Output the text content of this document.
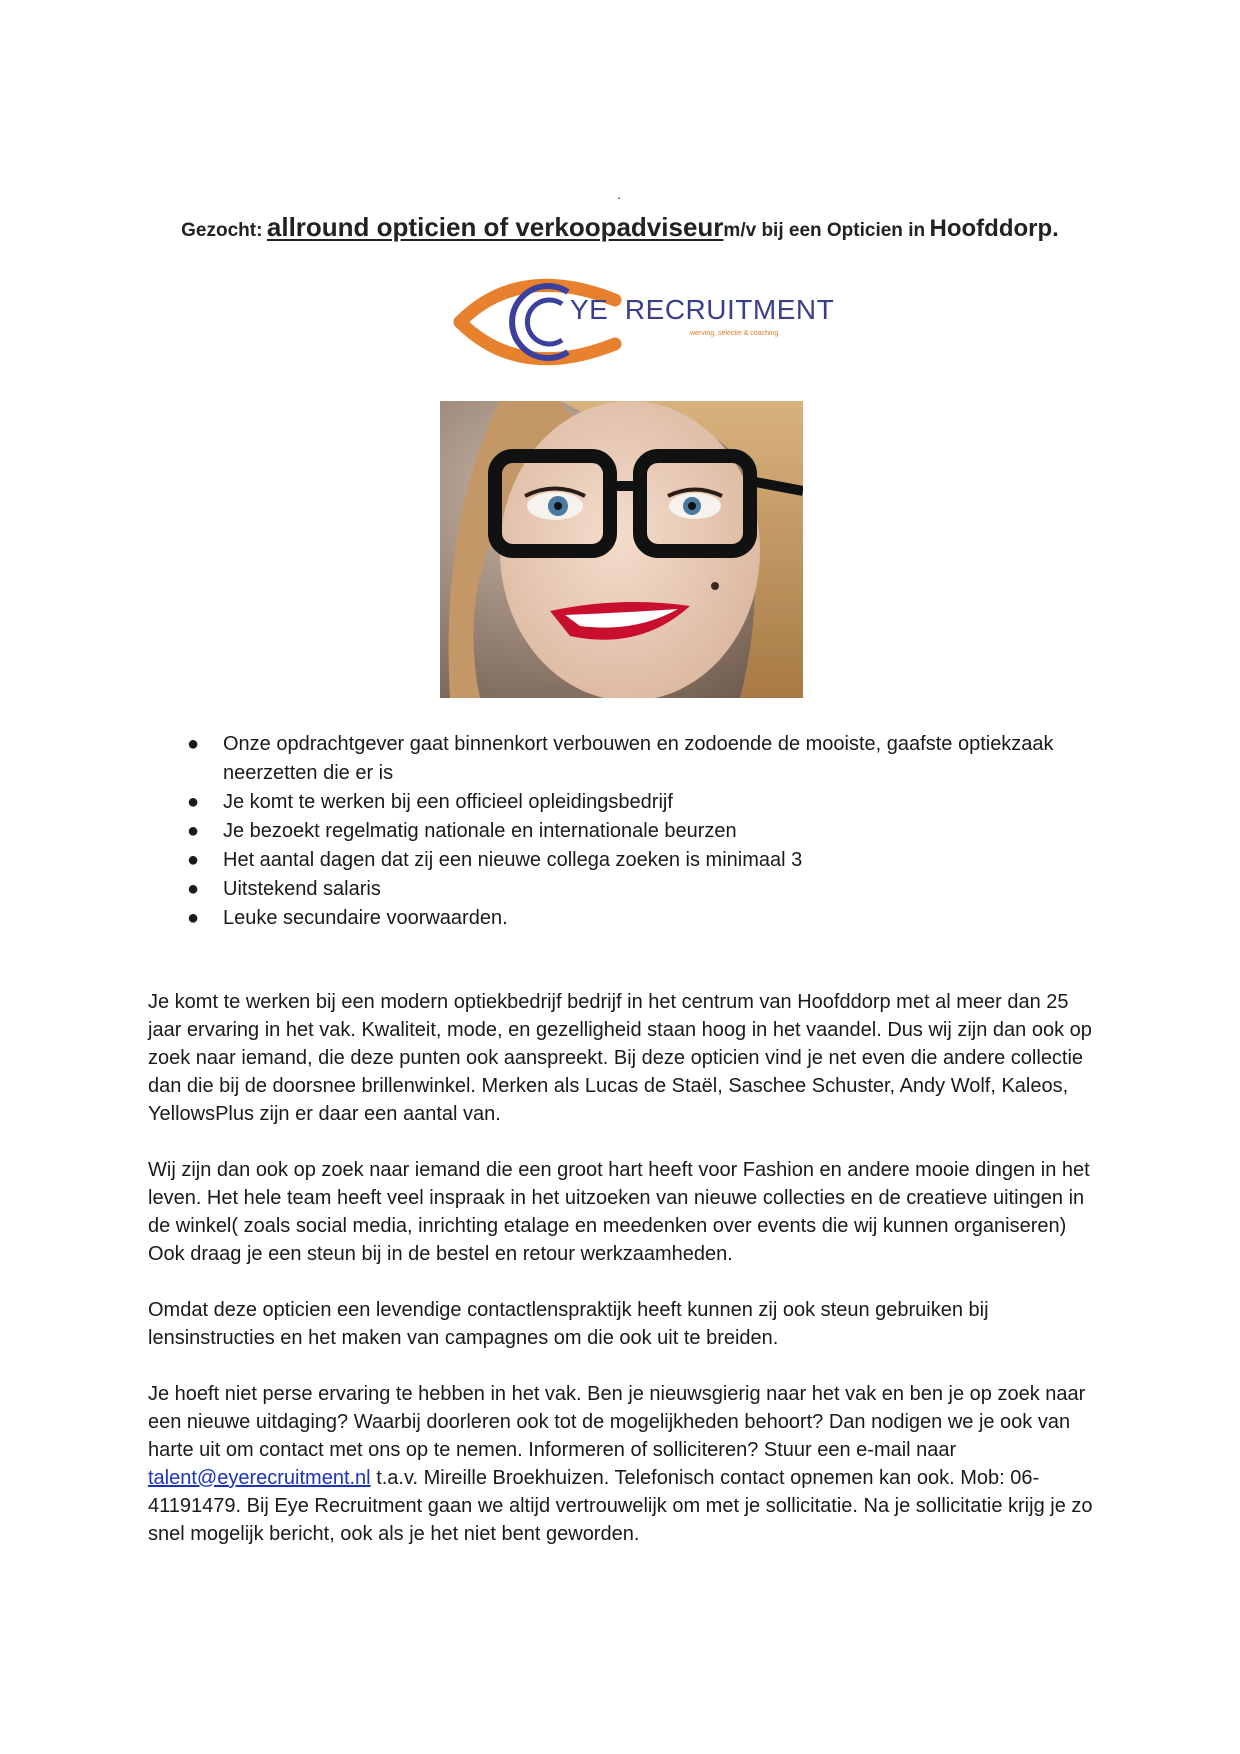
.
Gezocht: allround opticien of verkoopadviseurm/v bij een Opticien in Hoofddorp.
YE RECRUITMENT
werving, selectie & coaching
● Onze opdrachtgever gaat binnenkort verbouwen en zodoende de mooiste, gaafste optiekzaak neerzetten die er is
● Je komt te werken bij een officieel opleidingsbedrijf
● Je bezoekt regelmatig nationale en internationale beurzen
● Het aantal dagen dat zij een nieuwe collega zoeken is minimaal 3
● Uitstekend salaris
● Leuke secundaire voorwaarden.

Je komt te werken bij een modern optiekbedrijf bedrijf in het centrum van Hoofddorp met al meer dan 25 jaar ervaring in het vak. Kwaliteit, mode, en gezelligheid staan hoog in het vaandel. Dus wij zijn dan ook op zoek naar iemand, die deze punten ook aanspreekt. Bij deze opticien vind je net even die andere collectie dan die bij de doorsnee brillenwinkel. Merken als Lucas de Staël, Saschee Schuster, Andy Wolf, Kaleos, YellowsPlus zijn er daar een aantal van.

Wij zijn dan ook op zoek naar iemand die een groot hart heeft voor Fashion en andere mooie dingen in het leven. Het hele team heeft veel inspraak in het uitzoeken van nieuwe collecties en de creatieve uitingen in de winkel( zoals social media, inrichting etalage en meedenken over events die wij kunnen organiseren) Ook draag je een steun bij in de bestel en retour werkzaamheden.

Omdat deze opticien een levendige contactlenspraktijk heeft kunnen zij ook steun gebruiken bij lensinstructies en het maken van campagnes om die ook uit te breiden.

Je hoeft niet perse ervaring te hebben in het vak. Ben je nieuwsgierig naar het vak en ben je op zoek naar een nieuwe uitdaging? Waarbij doorleren ook tot de mogelijkheden behoort? Dan nodigen we je ook van harte uit om contact met ons op te nemen. Informeren of solliciteren? Stuur een e-mail naar talent@eyerecruitment.nl t.a.v. Mireille Broekhuizen. Telefonisch contact opnemen kan ook. Mob: 06-41191479. Bij Eye Recruitment gaan we altijd vertrouwelijk om met je sollicitatie. Na je sollicitatie krijg je zo snel mogelijk bericht, ook als je het niet bent geworden.
